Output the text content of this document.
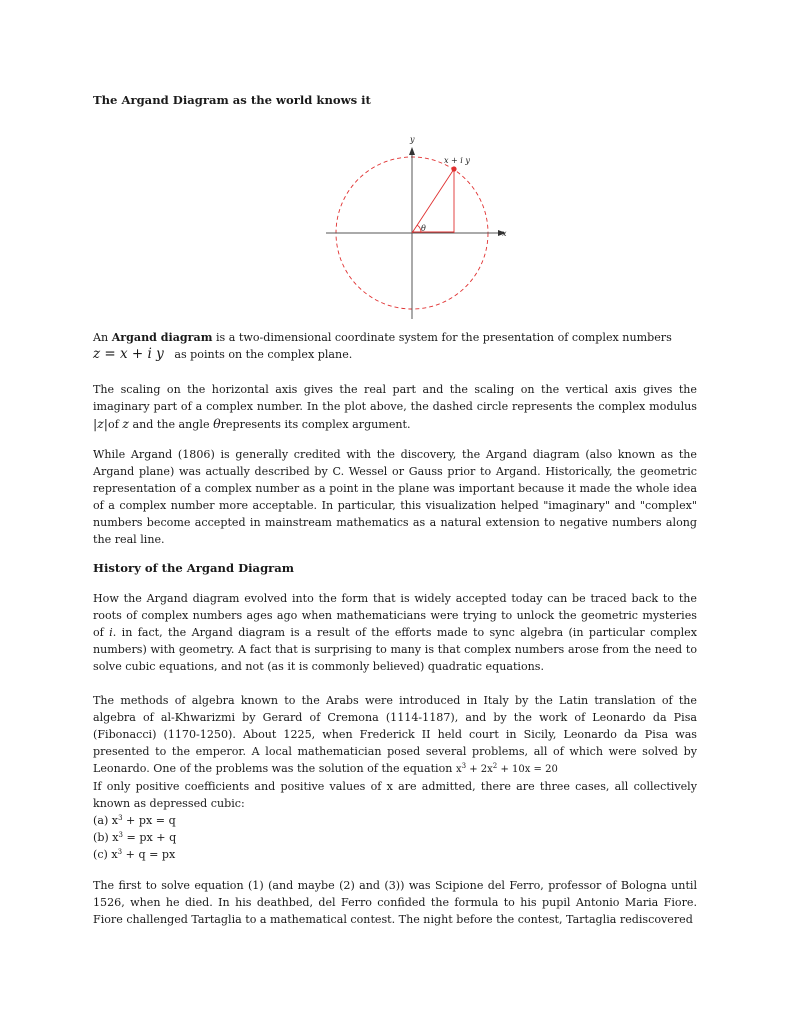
The Argand Diagram as the world knows it
x
y
x + i y
θ

An Argand diagram is a two-dimensional coordinate system for the presentation of complex numbers
z = x + i y as points on the complex plane.

The scaling on the horizontal axis gives the real part and the scaling on the vertical axis gives the imaginary part of a complex number. In the plot above, the dashed circle represents the complex modulus |z|of z and the angle θrepresents its complex argument.

While Argand (1806) is generally credited with the discovery, the Argand diagram (also known as the Argand plane) was actually described by C. Wessel or Gauss prior to Argand. Historically, the geometric representation of a complex number as a point in the plane was important because it made the whole idea of a complex number more acceptable. In particular, this visualization helped "imaginary" and "complex" numbers become accepted in mainstream mathematics as a natural extension to negative numbers along the real line.

History of the Argand Diagram

How the Argand diagram evolved into the form that is widely accepted today can be traced back to the roots of complex numbers ages ago when mathematicians were trying to unlock the geometric mysteries of i. in fact, the Argand diagram is a result of the efforts made to sync algebra (in particular complex numbers) with geometry. A fact that is surprising to many is that complex numbers arose from the need to solve cubic equations, and not (as it is commonly believed) quadratic equations.

The methods of algebra known to the Arabs were introduced in Italy by the Latin translation of the algebra of al-Khwarizmi by Gerard of Cremona (1114-1187), and by the work of Leonardo da Pisa (Fibonacci) (1170-1250). About 1225, when Frederick II held court in Sicily, Leonardo da Pisa was presented to the emperor. A local mathematician posed several problems, all of which were solved by Leonardo. One of the problems was the solution of the equation $x^3 + 2x^2 + 10x = 20$
If only positive coefficients and positive values of x are admitted, there are three cases, all collectively known as depressed cubic:
(a) $x^3$ + px = q
(b) $x^3$ = px + q
(c) $x^3 + q$ = px

The first to solve equation (1) (and maybe (2) and (3)) was Scipione del Ferro, professor of Bologna until 1526, when he died. In his deathbed, del Ferro confided the formula to his pupil Antonio Maria Fiore. Fiore challenged Tartaglia to a mathematical contest. The night before the contest, Tartaglia rediscovered
